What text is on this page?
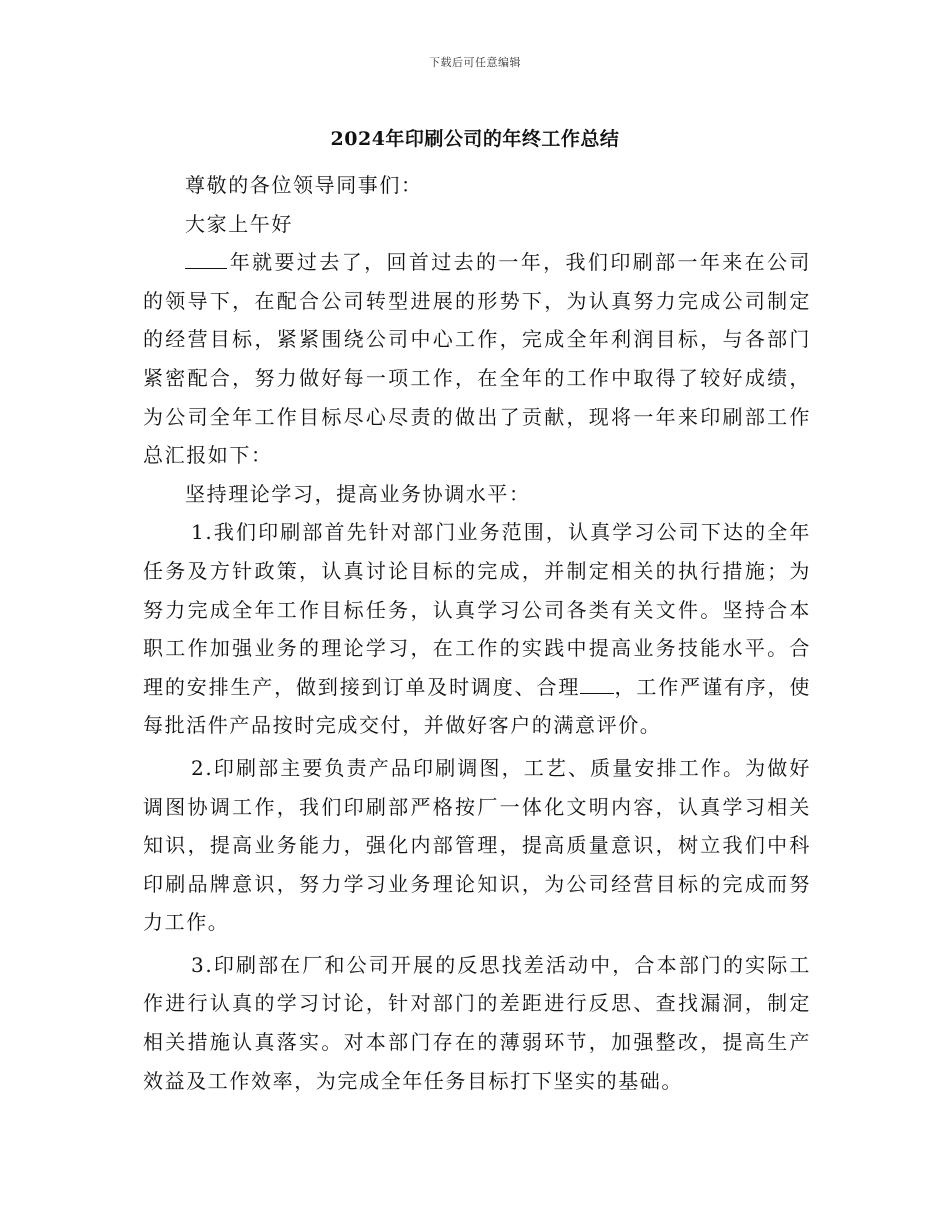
下载后可任意编辑
2024年印刷公司的年终工作总结

尊敬的各位领导同事们：

大家上午好

年就要过去了，回首过去的一年，我们印刷部一年来在公司的领导下，在配合公司转型进展的形势下，为认真努力完成公司制定的经营目标，紧紧围绕公司中心工作，完成全年利润目标，与各部门紧密配合，努力做好每一项工作，在全年的工作中取得了较好成绩，为公司全年工作目标尽心尽责的做出了贡献，现将一年来印刷部工作总汇报如下：

坚持理论学习，提高业务协调水平：

1.我们印刷部首先针对部门业务范围，认真学习公司下达的全年任务及方针政策，认真讨论目标的完成，并制定相关的执行措施；为努力完成全年工作目标任务，认真学习公司各类有关文件。坚持合本职工作加强业务的理论学习，在工作的实践中提高业务技能水平。合理的安排生产，做到接到订单及时调度、合理 ，工作严谨有序，使每批活件产品按时完成交付，并做好客户的满意评价。

2.印刷部主要负责产品印刷调图，工艺、质量安排工作。为做好调图协调工作，我们印刷部严格按厂一体化文明内容，认真学习相关知识，提高业务能力，强化内部管理，提高质量意识，树立我们中科印刷品牌意识，努力学习业务理论知识，为公司经营目标的完成而努力工作。

3.印刷部在厂和公司开展的反思找差活动中，合本部门的实际工作进行认真的学习讨论，针对部门的差距进行反思、查找漏洞，制定相关措施认真落实。对本部门存在的薄弱环节，加强整改，提高生产效益及工作效率，为完成全年任务目标打下坚实的基础。
